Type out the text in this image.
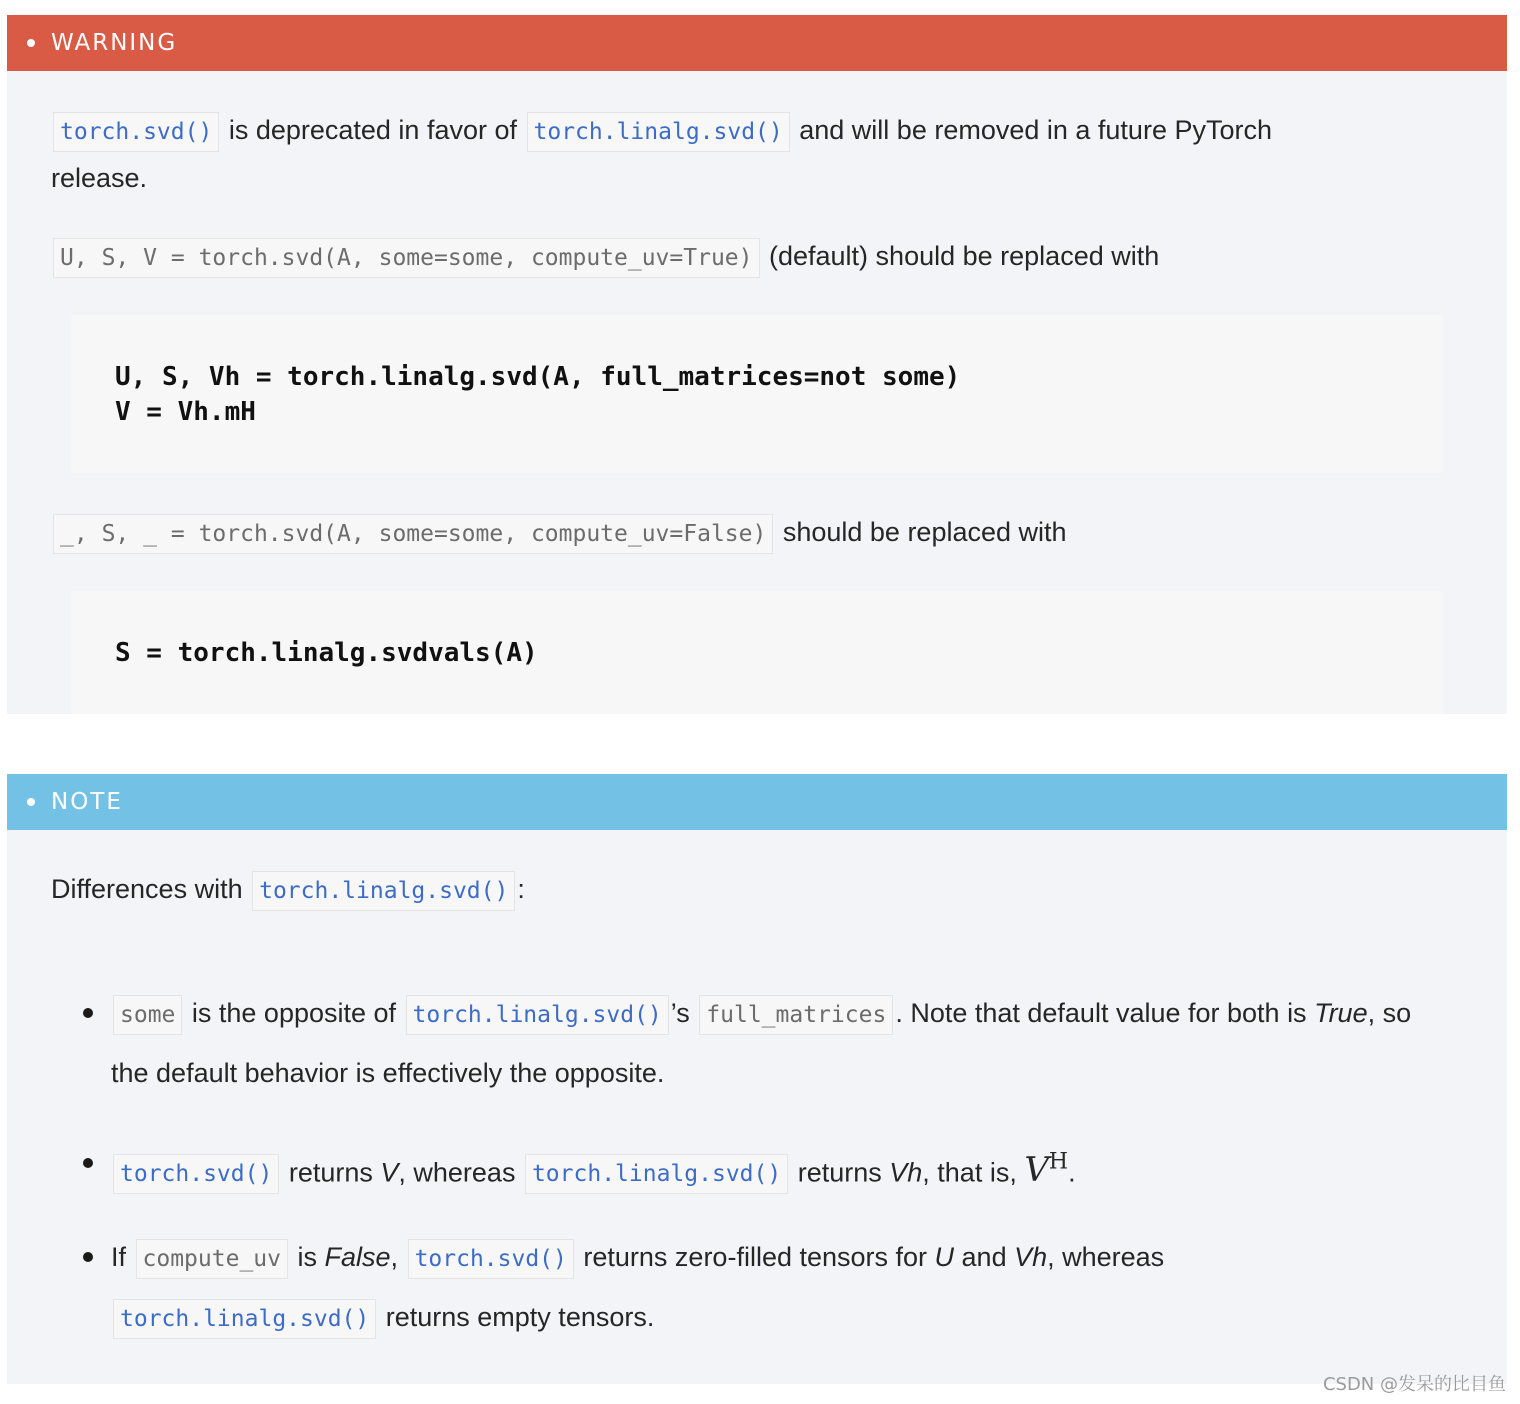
WARNING
torch.svd() is deprecated in favor of torch.linalg.svd() and will be removed in a future PyTorch
release.
U, S, V = torch.svd(A, some=some, compute_uv=True) (default) should be replaced with
U, S, Vh = torch.linalg.svd(A, full_matrices=not some)
V = Vh.mH
_, S, _ = torch.svd(A, some=some, compute_uv=False) should be replaced with
S = torch.linalg.svdvals(A)
NOTE
Differences with torch.linalg.svd() :
some is the opposite of torch.linalg.svd() ’s full_matrices . Note that default value for both is True, so
the default behavior is effectively the opposite.
torch.svd() returns V, whereas torch.linalg.svd() returns Vh, that is, $V^H$.
If compute_uv is False, torch.svd() returns zero-filled tensors for U and Vh, whereas
torch.linalg.svd() returns empty tensors.
CSDN @发呆的比目鱼
